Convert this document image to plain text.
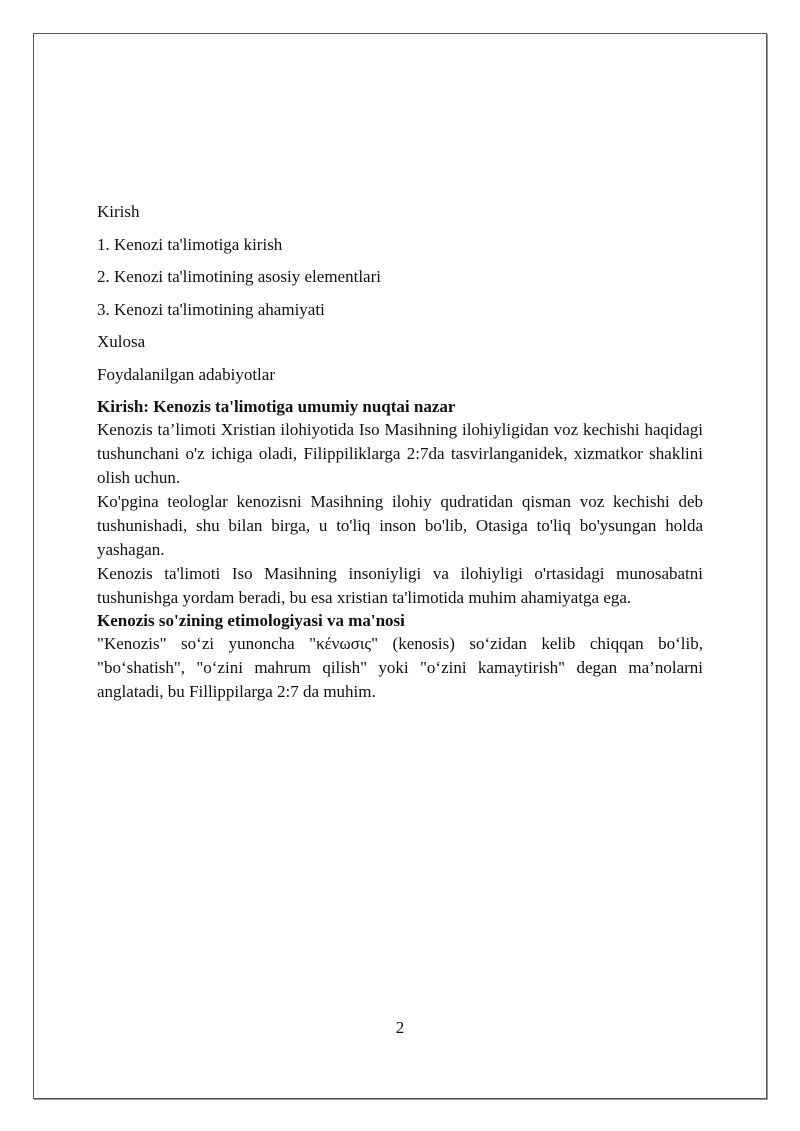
Kirish
1. Kenozi ta'limotiga kirish
2. Kenozi ta'limotining asosiy elementlari
3. Kenozi ta'limotining ahamiyati
Xulosa
Foydalanilgan adabiyotlar
Kirish: Kenozis ta'limotiga umumiy nuqtai nazar

Kenozis ta’limoti Xristian ilohiyotida Iso Masihning ilohiyligidan voz kechishi haqidagi tushunchani o'z ichiga oladi, Filippiliklarga 2:7da tasvirlanganidek, xizmatkor shaklini olish uchun.

Ko'pgina teologlar kenozisni Masihning ilohiy qudratidan qisman voz kechishi deb tushunishadi, shu bilan birga, u to'liq inson bo'lib, Otasiga to'liq bo'ysungan holda yashagan.

Kenozis ta'limoti Iso Masihning insoniyligi va ilohiyligi o'rtasidagi munosabatni tushunishga yordam beradi, bu esa xristian ta'limotida muhim ahamiyatga ega.

Kenozis so'zining etimologiyasi va ma'nosi

"Kenozis" so‘zi yunoncha "κένωσις" (kenosis) so‘zidan kelib chiqqan bo‘lib, "bo‘shatish", "o‘zini mahrum qilish" yoki "o‘zini kamaytirish" degan ma’nolarni anglatadi, bu Fillippilarga 2:7 da muhim.

2
